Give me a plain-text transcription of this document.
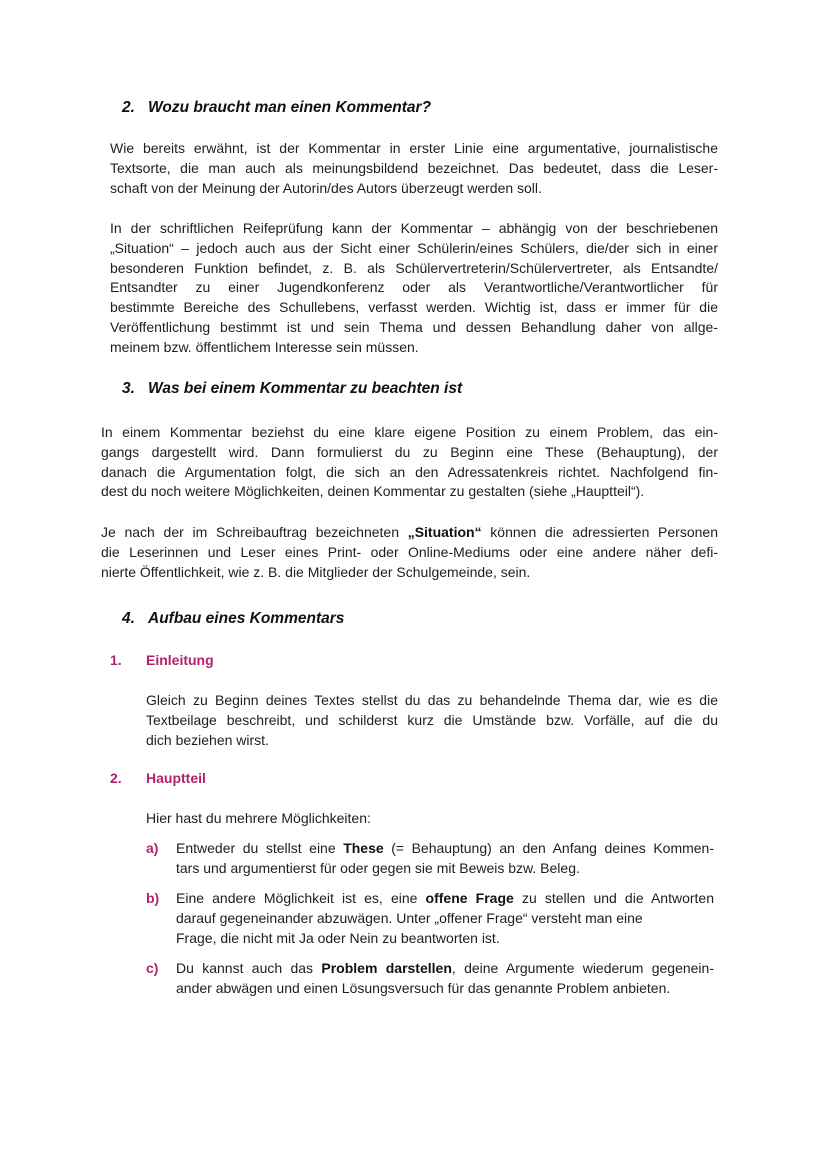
2. Wozu braucht man einen Kommentar?
Wie bereits erwähnt, ist der Kommentar in erster Linie eine argumentative, journalistische
Textsorte, die man auch als meinungsbildend bezeichnet. Das bedeutet, dass die Leser-
schaft von der Meinung der Autorin/des Autors überzeugt werden soll.
In der schriftlichen Reifeprüfung kann der Kommentar – abhängig von der beschriebenen
„Situation“ – jedoch auch aus der Sicht einer Schülerin/eines Schülers, die/der sich in einer
besonderen Funktion befindet, z. B. als Schülervertreterin/Schülervertreter, als Entsandte/
Entsandter zu einer Jugendkonferenz oder als Verantwortliche/Verantwortlicher für
bestimmte Bereiche des Schullebens, verfasst werden. Wichtig ist, dass er immer für die
Veröffentlichung bestimmt ist und sein Thema und dessen Behandlung daher von allge-
meinem bzw. öffentlichem Interesse sein müssen.
3. Was bei einem Kommentar zu beachten ist
In einem Kommentar beziehst du eine klare eigene Position zu einem Problem, das ein-
gangs dargestellt wird. Dann formulierst du zu Beginn eine These (Behauptung), der
danach die Argumentation folgt, die sich an den Adressatenkreis richtet. Nachfolgend fin-
dest du noch weitere Möglichkeiten, deinen Kommentar zu gestalten (siehe „Hauptteil“).
Je nach der im Schreibauftrag bezeichneten „Situation“ können die adressierten Personen
die Leserinnen und Leser eines Print- oder Online-Mediums oder eine andere näher defi-
nierte Öffentlichkeit, wie z. B. die Mitglieder der Schulgemeinde, sein.
4. Aufbau eines Kommentars
1. Einleitung
Gleich zu Beginn deines Textes stellst du das zu behandelnde Thema dar, wie es die
Textbeilage beschreibt, und schilderst kurz die Umstände bzw. Vorfälle, auf die du
dich beziehen wirst.
2. Hauptteil
Hier hast du mehrere Möglichkeiten:
a) Entweder du stellst eine These (= Behauptung) an den Anfang deines Kommen-
tars und argumentierst für oder gegen sie mit Beweis bzw. Beleg.
b) Eine andere Möglichkeit ist es, eine offene Frage zu stellen und die Antworten
darauf gegeneinander abzuwägen. Unter „offener Frage“ versteht man eine
Frage, die nicht mit Ja oder Nein zu beantworten ist.
c) Du kannst auch das Problem darstellen, deine Argumente wiederum gegenein-
ander abwägen und einen Lösungsversuch für das genannte Problem anbieten.
